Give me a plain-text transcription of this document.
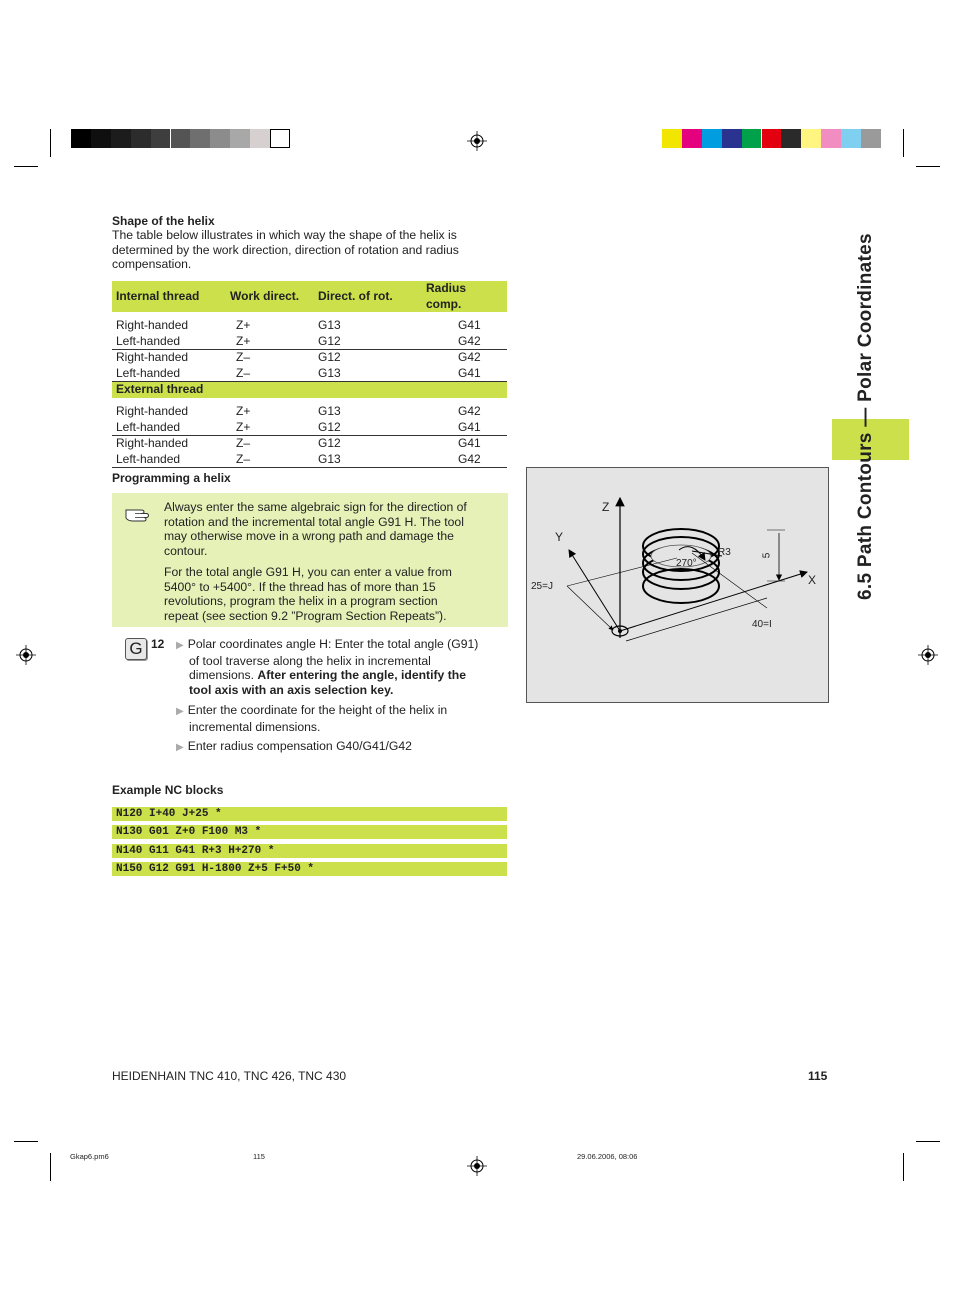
6.5 Path Contours — Polar Coordinates
Shape of the helix
The table below illustrates in which way the shape of the helix is
determined by the work direction, direction of rotation and radius
compensation.
Internal thread	Work direct.	Direct. of rot.	Radius comp.

Right-handed	Z+	G13	G41
Left-handed	Z+	G12	G42
Right-handed	Z–	G12	G42
Left-handed	Z–	G13	G41
External thread			

Right-handed	Z+	G13	G42
Left-handed	Z+	G12	G41
Right-handed	Z–	G12	G41
Left-handed	Z–	G13	G42
Programming a helix
Always enter the same algebraic sign for the direction of
rotation and the incremental total angle G91 H. The tool
may otherwise move in a wrong path and damage the
contour.
For the total angle G91 H, you can enter a value from
5400° to +5400°. If the thread has of more than 15
revolutions, program the helix in a program section
repeat (see section 9.2 ”Program Section Repeats”).
G 12 ▶ Polar coordinates angle H: Enter the total angle (G91)
of tool traverse along the helix in incremental
dimensions. After entering the angle, identify the
tool axis with an axis selection key.
▶ Enter the coordinate for the height of the helix in
incremental dimensions.
▶ Enter radius compensation G40/G41/G42
Example NC blocks
N120 I+40 J+25 *
N130 G01 Z+0 F100 M3 *
N140 G11 G41 R+3 H+270 *
N150 G12 G91 H-1800 Z+5 F+50 *
Z
Y
X
R3
270°
5
25=J
40=I
HEIDENHAIN TNC 410, TNC 426, TNC 430	115
Gkap6.pm6	115	29.06.2006, 08:06
